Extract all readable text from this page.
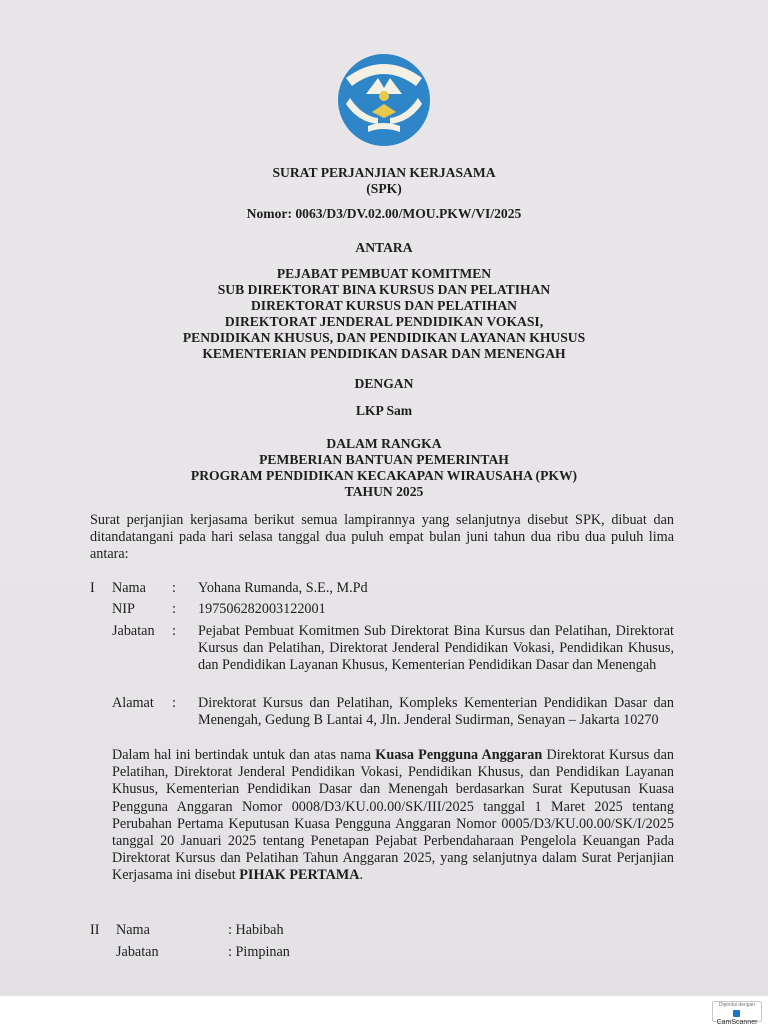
SURAT PERJANJIAN KERJASAMA
(SPK)
Nomor: 0063/D3/DV.02.00/MOU.PKW/VI/2025
ANTARA
PEJABAT PEMBUAT KOMITMEN
SUB DIREKTORAT BINA KURSUS DAN PELATIHAN
DIREKTORAT KURSUS DAN PELATIHAN
DIREKTORAT JENDERAL PENDIDIKAN VOKASI,
PENDIDIKAN KHUSUS, DAN PENDIDIKAN LAYANAN KHUSUS
KEMENTERIAN PENDIDIKAN DASAR DAN MENENGAH
DENGAN
LKP Sam
DALAM RANGKA
PEMBERIAN BANTUAN PEMERINTAH
PROGRAM PENDIDIKAN KECAKAPAN WIRAUSAHA (PKW)
TAHUN 2025
Surat perjanjian kerjasama berikut semua lampirannya yang selanjutnya disebut SPK, dibuat dan ditandatangani pada hari selasa tanggal dua puluh empat bulan juni tahun dua ribu dua puluh lima antara:
I Nama : Yohana Rumanda, S.E., M.Pd
NIP	: 197506282003122001
Jabatan : Pejabat Pembuat Komitmen Sub Direktorat Bina Kursus dan Pelatihan, Direktorat Kursus dan Pelatihan, Direktorat Jenderal Pendidikan Vokasi, Pendidikan Khusus, dan Pendidikan Layanan Khusus, Kementerian Pendidikan Dasar dan Menengah
Alamat : Direktorat Kursus dan Pelatihan, Kompleks Kementerian Pendidikan Dasar dan Menengah, Gedung B Lantai 4, Jln. Jenderal Sudirman, Senayan – Jakarta 10270
Dalam hal ini bertindak untuk dan atas nama Kuasa Pengguna Anggaran Direktorat Kursus dan Pelatihan, Direktorat Jenderal Pendidikan Vokasi, Pendidikan Khusus, dan Pendidikan Layanan Khusus, Kementerian Pendidikan Dasar dan Menengah berdasarkan Surat Keputusan Kuasa Pengguna Anggaran Nomor 0008/D3/KU.00.00/SK/III/2025 tanggal 1 Maret 2025 tentang Perubahan Pertama Keputusan Kuasa Pengguna Anggaran Nomor 0005/D3/KU.00.00/SK/I/2025 tanggal 20 Januari 2025 tentang Penetapan Pejabat Perbendaharaan Pengelola Keuangan Pada Direktorat Kursus dan Pelatihan Tahun Anggaran 2025, yang selanjutnya dalam Surat Perjanjian Kerjasama ini disebut PIHAK PERTAMA.
II Nama	: Habibah
Jabatan	: Pimpinan
Dipindai dengan
CamScanner
